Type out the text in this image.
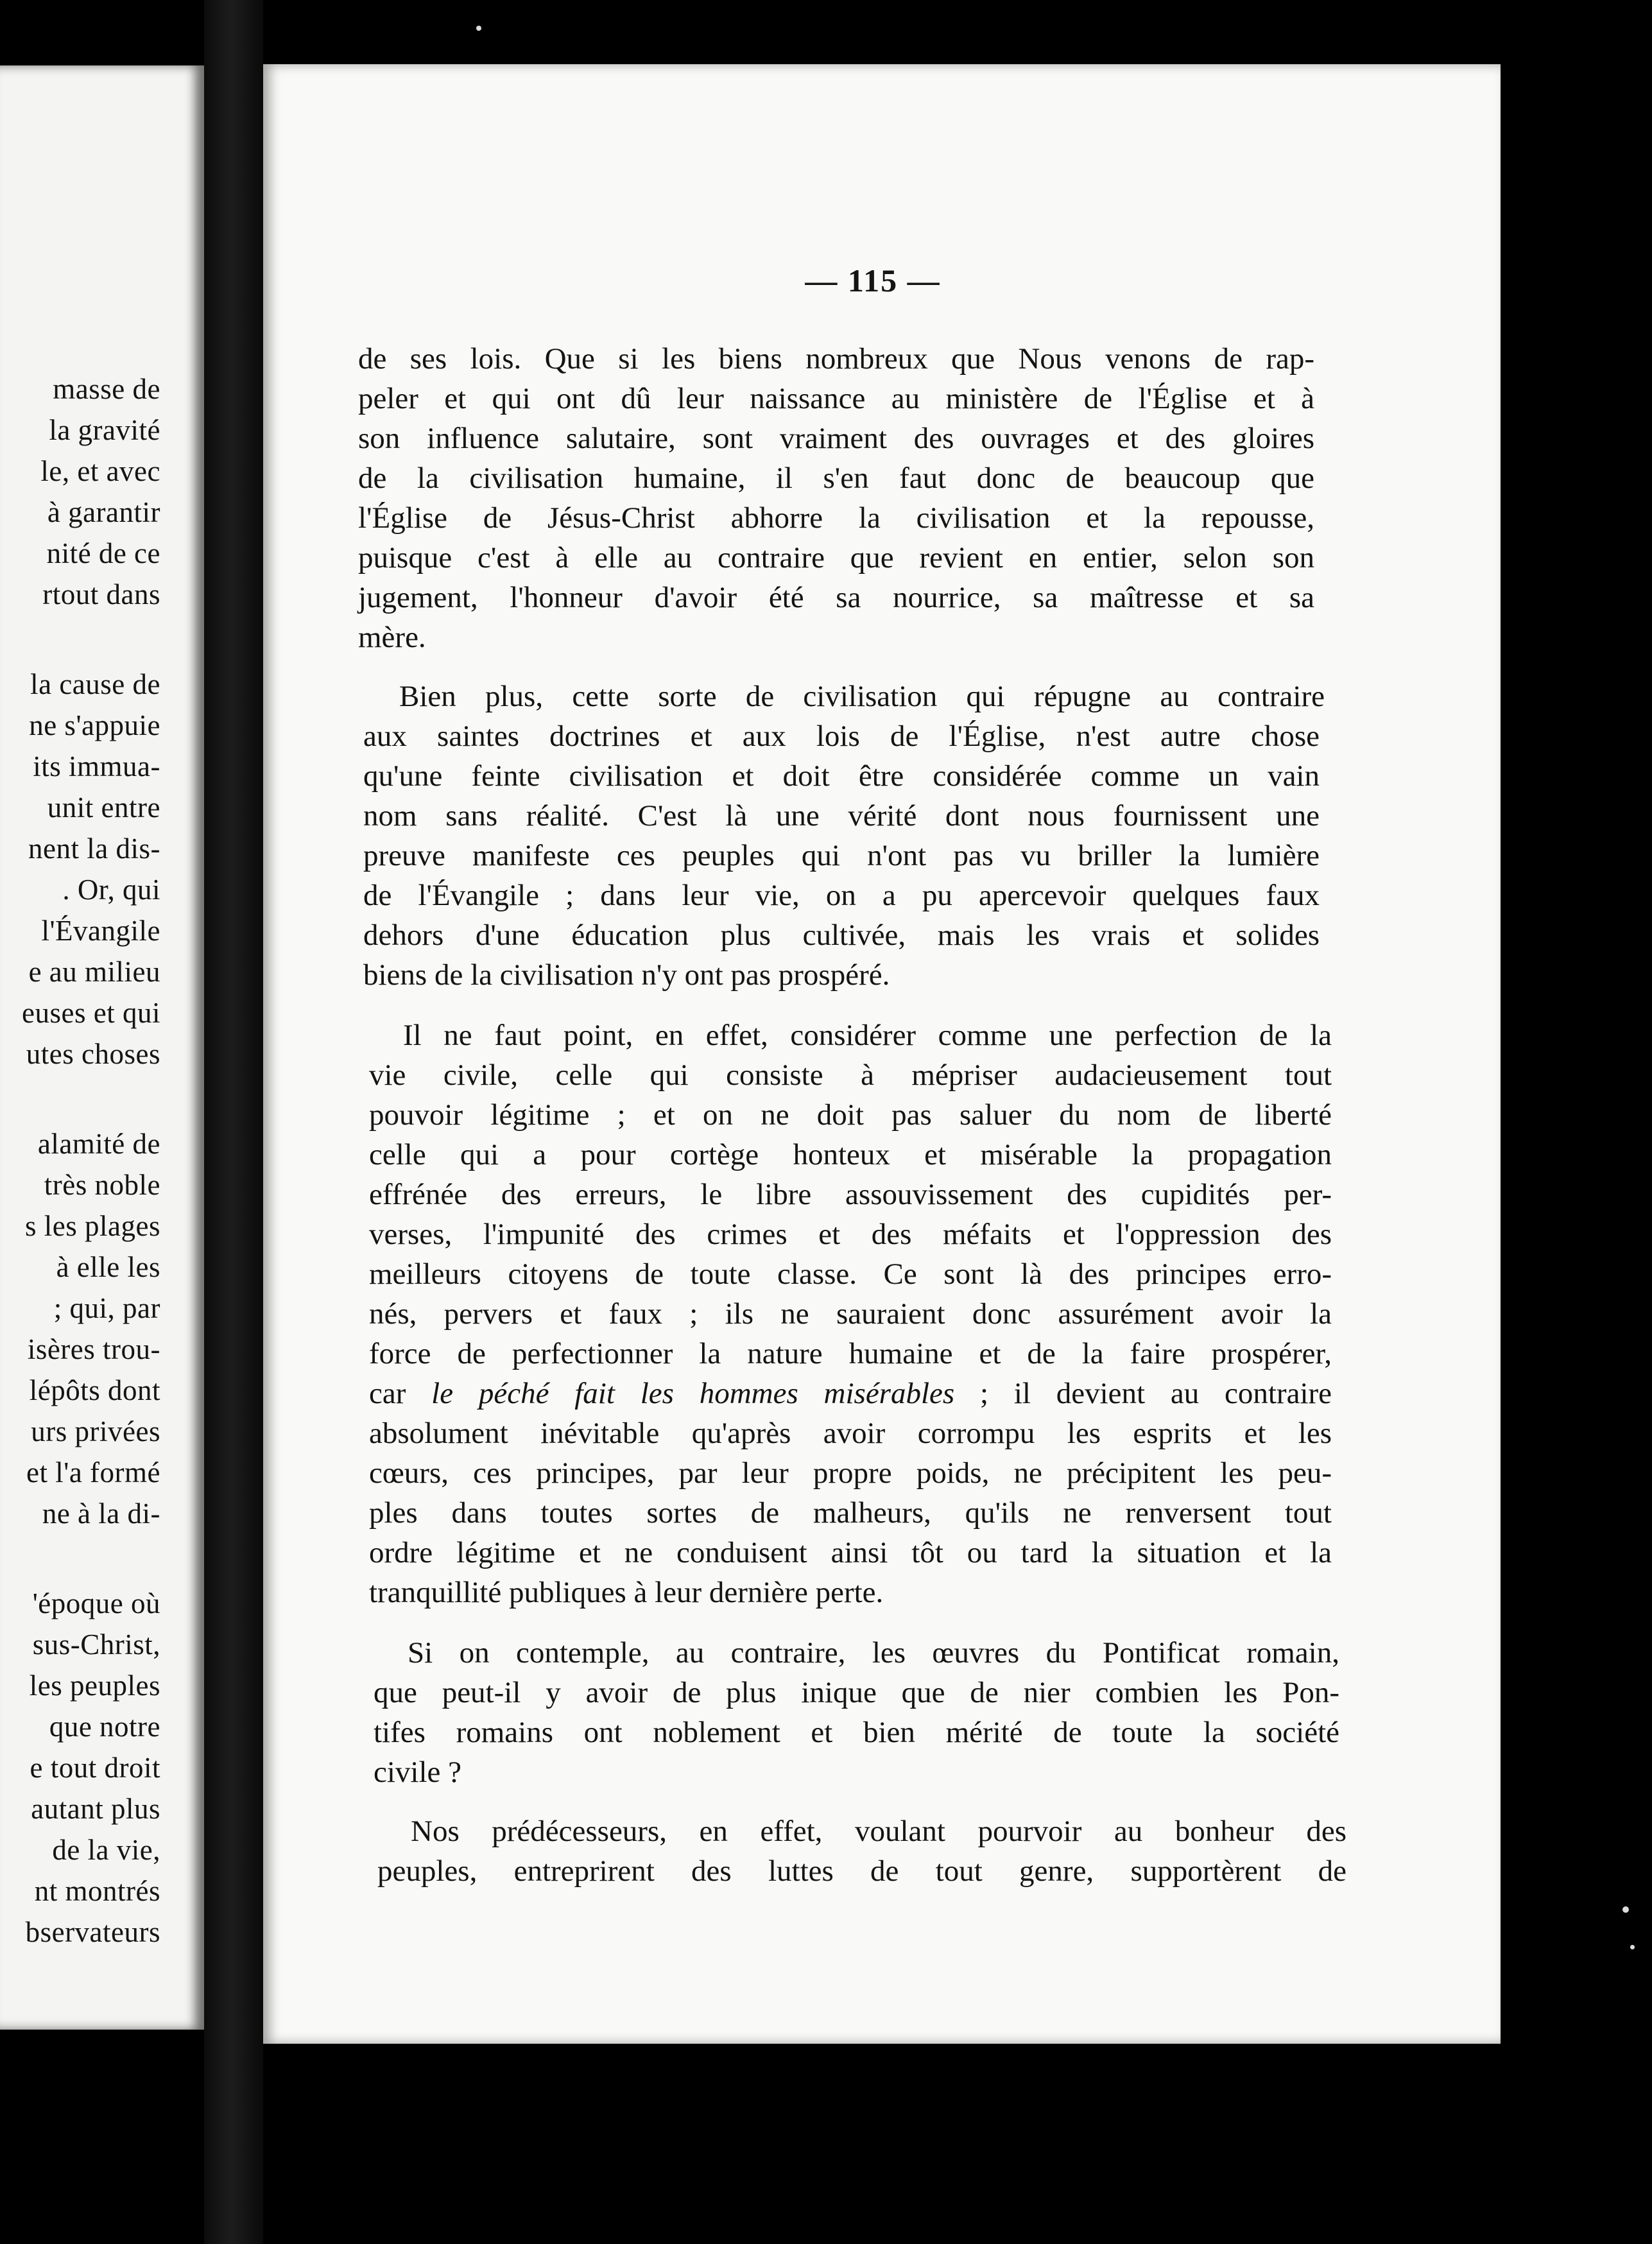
masse de
la gravité
le, et avec
à garantir
nité de ce
rtout dans
la cause de
ne s'appuie
its immua-
unit entre
nent la dis-
. Or, qui
l'Évangile
e au milieu
euses et qui
utes choses
alamité de
très noble
s les plages
à elle les
; qui, par
isères trou-
lépôts dont
urs privées
et l'a formé
ne à la di-
'époque où
sus-Christ,
les peuples
que notre
e tout droit
autant plus
de la vie,
nt montrés
bservateurs
— 115 —
de ses lois. Que si les biens nombreux que Nous venons de rap-
peler et qui ont dû leur naissance au ministère de l'Église et à
son influence salutaire, sont vraiment des ouvrages et des gloires
de la civilisation humaine, il s'en faut donc de beaucoup que
l'Église de Jésus-Christ abhorre la civilisation et la repousse,
puisque c'est à elle au contraire que revient en entier, selon son
jugement, l'honneur d'avoir été sa nourrice, sa maîtresse et sa
mère.
Bien plus, cette sorte de civilisation qui répugne au contraire
aux saintes doctrines et aux lois de l'Église, n'est autre chose
qu'une feinte civilisation et doit être considérée comme un vain
nom sans réalité. C'est là une vérité dont nous fournissent une
preuve manifeste ces peuples qui n'ont pas vu briller la lumière
de l'Évangile ; dans leur vie, on a pu apercevoir quelques faux
dehors d'une éducation plus cultivée, mais les vrais et solides
biens de la civilisation n'y ont pas prospéré.
Il ne faut point, en effet, considérer comme une perfection de la
vie civile, celle qui consiste à mépriser audacieusement tout
pouvoir légitime ; et on ne doit pas saluer du nom de liberté
celle qui a pour cortège honteux et misérable la propagation
effrénée des erreurs, le libre assouvissement des cupidités per-
verses, l'impunité des crimes et des méfaits et l'oppression des
meilleurs citoyens de toute classe. Ce sont là des principes erro-
nés, pervers et faux ; ils ne sauraient donc assurément avoir la
force de perfectionner la nature humaine et de la faire prospérer,
car le péché fait les hommes misérables ; il devient au contraire
absolument inévitable qu'après avoir corrompu les esprits et les
cœurs, ces principes, par leur propre poids, ne précipitent les peu-
ples dans toutes sortes de malheurs, qu'ils ne renversent tout
ordre légitime et ne conduisent ainsi tôt ou tard la situation et la
tranquillité publiques à leur dernière perte.
Si on contemple, au contraire, les œuvres du Pontificat romain,
que peut-il y avoir de plus inique que de nier combien les Pon-
tifes romains ont noblement et bien mérité de toute la société
civile ?
Nos prédécesseurs, en effet, voulant pourvoir au bonheur des
peuples, entreprirent des luttes de tout genre, supportèrent de
